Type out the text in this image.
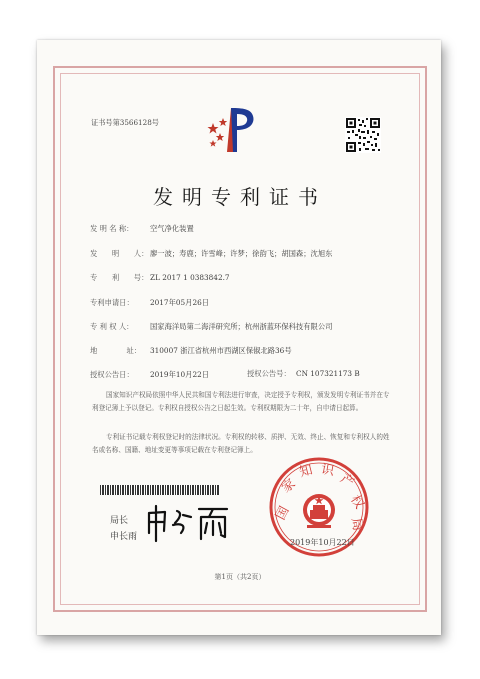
证书号第3566128号
发明专利证书
发 明 名 称： 空气净化装置
发　　明　　人： 廖一波；寿鹿；许雪峰；许梦；徐韵飞；胡国森；沈旭东
专　　利　　号： ZL 2017 1 0383842.7
专利申请日： 2017年05月26日
专 利 权 人： 国家海洋局第二海洋研究所；杭州浙蓝环保科技有限公司
地　　　　址： 310007 浙江省杭州市西湖区保俶北路36号
授权公告日： 2019年10月22日	授权公告号： CN 107321173 B
国家知识产权局依照中华人民共和国专利法进行审查，决定授予专利权，颁发发明专利证书并在专利登记簿上予以登记。专利权自授权公告之日起生效。专利权期限为二十年，自申请日起算。
专利证书记载专利权登记时的法律状况。专利权的转移、质押、无效、终止、恢复和专利权人的姓名或名称、国籍、地址变更等事项记载在专利登记簿上。
局长
申长雨
国
家
知 识
产
权
局
2019年10月22日
第1页（共2页）
